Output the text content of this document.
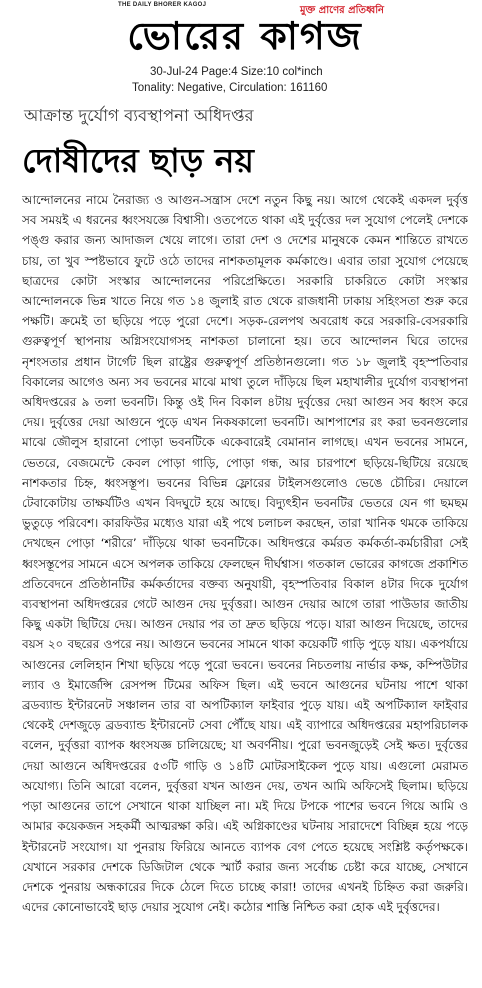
THE DAILY BHORER KAGOJ	মুক্ত প্রাণের প্রতিধ্বনি
ভোরের কাগজ
30-Jul-24 Page:4 Size:10 col*inch
Tonality: Negative, Circulation: 161160
আক্রান্ত দুর্যোগ ব্যবস্থাপনা অধিদপ্তর
দোষীদের ছাড় নয়
আন্দোলনের নামে নৈরাজ্য ও আগুন-সন্ত্রাস দেশে নতুন কিছু নয়। আগে থেকেই একদল দুর্বৃত্ত সব সময়ই এ ধরনের ধ্বংসযজ্ঞে বিশ্বাসী। ওতপেতে থাকা এই দুর্বৃত্তের দল সুযোগ পেলেই দেশকে পঙ্গু করার জন্য আদাজল খেয়ে লাগে। তারা দেশ ও দেশের মানুষকে কেমন শান্তিতে রাখতে চায়, তা খুব স্পষ্টভাবে ফুটে ওঠে তাদের নাশকতামূলক কর্মকাণ্ডে। এবার তারা সুযোগ পেয়েছে ছাত্রদের কোটা সংস্কার আন্দোলনের পরিপ্রেক্ষিতে। সরকারি চাকরিতে কোটা সংস্কার আন্দোলনকে ভিন্ন খাতে নিয়ে গত ১৪ জুলাই রাত থেকে রাজধানী ঢাকায় সহিংসতা শুরু করে পক্ষটি। ক্রমেই তা ছড়িয়ে পড়ে পুরো দেশে। সড়ক-রেলপথ অবরোধ করে সরকারি-বেসরকারি গুরুত্বপূর্ণ স্থাপনায় অগ্নিসংযোগসহ নাশকতা চালানো হয়। তবে আন্দোলন ঘিরে তাদের নৃশংসতার প্রধান টার্গেট ছিল রাষ্ট্রের গুরুত্বপূর্ণ প্রতিষ্ঠানগুলো। গত ১৮ জুলাই বৃহস্পতিবার বিকালের আগেও অন্য সব ভবনের মাঝে মাথা তুলে দাঁড়িয়ে ছিল মহাখালীর দুর্যোগ ব্যবস্থাপনা অধিদপ্তরের ৯ তলা ভবনটি। কিন্তু ওই দিন বিকাল ৪টায় দুর্বৃত্তের দেয়া আগুন সব ধ্বংস করে দেয়। দুর্বৃত্তের দেয়া আগুনে পুড়ে এখন নিকষকালো ভবনটি। আশপাশের রং করা ভবনগুলোর মাঝে জৌলুস হারানো পোড়া ভবনটিকে একেবারেই বেমানান লাগছে। এখন ভবনের সামনে, ভেতরে, বেজমেন্টে কেবল পোড়া গাড়ি, পোড়া গন্ধ, আর চারপাশে ছড়িয়ে-ছিটিয়ে রয়েছে নাশকতার চিহ্ন, ধ্বংসস্তূপ। ভবনের বিভিন্ন ফ্লোরের টাইলসগুলোও ভেঙে চৌচির। দেয়ালে টেবাকোটায় তাক্ষর্যটিও এখন বিদঘুটে হয়ে আছে। বিদ্যুৎহীন ভবনটির ভেতরে যেন গা ছমছম ভুতুড়ে পরিবেশ। কারফিউর মধ্যেও যারা এই পথে চলাচল করছেন, তারা খানিক থমকে তাকিয়ে দেখছেন পোড়া ‘শরীরে’ দাঁড়িয়ে থাকা ভবনটিকে। অধিদপ্তরে কর্মরত কর্মকর্তা-কর্মচারীরা সেই ধ্বংসস্তূপের সামনে এসে অপলক তাকিয়ে ফেলছেন দীর্ঘশ্বাস। গতকাল ভোরের কাগজে প্রকাশিত প্রতিবেদনে প্রতিষ্ঠানটির কর্মকর্তাদের বক্তব্য অনুযায়ী, বৃহস্পতিবার বিকাল ৪টার দিকে দুর্যোগ ব্যবস্থাপনা অধিদপ্তরের গেটে আগুন দেয় দুর্বৃত্তরা। আগুন দেয়ার আগে তারা পাউডার জাতীয় কিছু একটা ছিটিয়ে দেয়। আগুন দেয়ার পর তা দ্রুত ছড়িয়ে পড়ে। যারা আগুন দিয়েছে, তাদের বয়স ২০ বছরের ওপরে নয়। আগুনে ভবনের সামনে থাকা কয়েকটি গাড়ি পুড়ে যায়। একপর্যায়ে আগুনের লেলিহান শিখা ছড়িয়ে পড়ে পুরো ভবনে। ভবনের নিচতলায় নার্ভার কক্ষ, কম্পিউটার ল্যাব ও ইমার্জেন্সি রেসপন্স টিমের অফিস ছিল। এই ভবনে আগুনের ঘটনায় পাশে থাকা ব্রডব্যান্ড ইন্টারনেট সঞ্চালন তার বা অপটিক্যাল ফাইবার পুড়ে যায়। এই অপটিক্যাল ফাইবার থেকেই দেশজুড়ে ব্রডব্যান্ড ইন্টারনেট সেবা পৌঁছে যায়। এই ব্যাপারে অধিদপ্তরের মহাপরিচালক বলেন, দুর্বৃত্তরা ব্যাপক ধ্বংসযজ্ঞ চালিয়েছে; যা অবর্ণনীয়। পুরো ভবনজুড়েই সেই ক্ষত। দুর্বৃত্তের দেয়া আগুনে অধিদপ্তরের ৫৩টি গাড়ি ও ১৪টি মোটরসাইকেল পুড়ে যায়। এগুলো মেরামত অযোগ্য। তিনি আরো বলেন, দুর্বৃত্তরা যখন আগুন দেয়, তখন আমি অফিসেই ছিলাম। ছড়িয়ে পড়া আগুনের তাপে সেখানে থাকা যাচ্ছিল না। মই দিয়ে টপকে পাশের ভবনে গিয়ে আমি ও আমার কয়েকজন সহকর্মী আত্মরক্ষা করি। এই অগ্নিকাণ্ডের ঘটনায় সারাদেশে বিচ্ছিন্ন হয়ে পড়ে ইন্টারনেট সংযোগ। যা পুনরায় ফিরিয়ে আনতে ব্যাপক বেগ পেতে হয়েছে সংশ্লিষ্ট কর্তৃপক্ষকে। যেখানে সরকার দেশকে ডিজিটাল থেকে স্মার্ট করার জন্য সর্বোচ্চ চেষ্টা করে যাচ্ছে, সেখানে দেশকে পুনরায় অন্ধকারের দিকে ঠেলে দিতে চাচ্ছে কারা! তাদের এখনই চিহ্নিত করা জরুরি। এদের কোনোভাবেই ছাড় দেয়ার সুযোগ নেই। কঠোর শাস্তি নিশ্চিত করা হোক এই দুর্বৃত্তদের।
